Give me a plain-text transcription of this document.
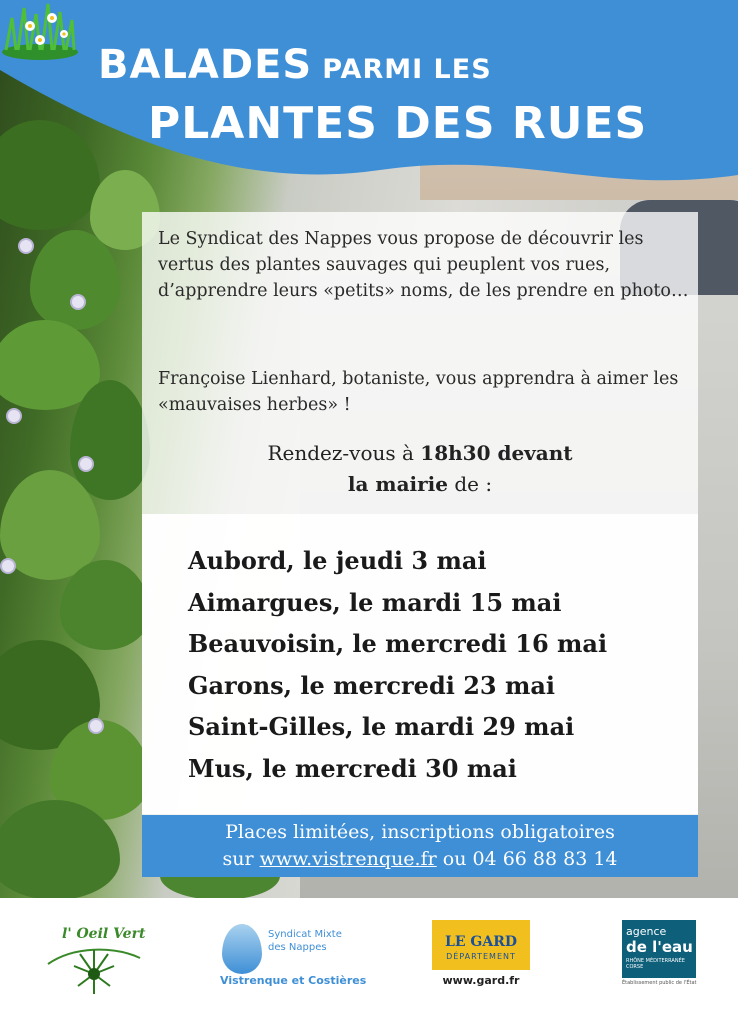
BALADES PARMI LES
PLANTES DES RUES
Le Syndicat des Nappes vous propose de découvrir les vertus des plantes sauvages qui peuplent vos rues, d’apprendre leurs «petits» noms, de les prendre en photo…
Françoise Lienhard, botaniste, vous apprendra à aimer les «mauvaises herbes» !
Rendez-vous à 18h30 devant
la mairie de :
Aubord, le jeudi 3 mai
Aimargues, le mardi 15 mai
Beauvoisin, le mercredi 16 mai
Garons, le mercredi 23 mai
Saint-Gilles, le mardi 29 mai
Mus, le mercredi 30 mai
Places limitées, inscriptions obligatoires
sur www.vistrenque.fr ou 04 66 88 83 14
l' Oeil Vert	Syndicat Mixte
des Nappes
Vistrenque et Costières
LE GARD
DÉPARTEMENT
www.gard.fr
agence
de l'eau
RHÔNE MÉDITERRANÉE CORSE
Établissement public de l'État
